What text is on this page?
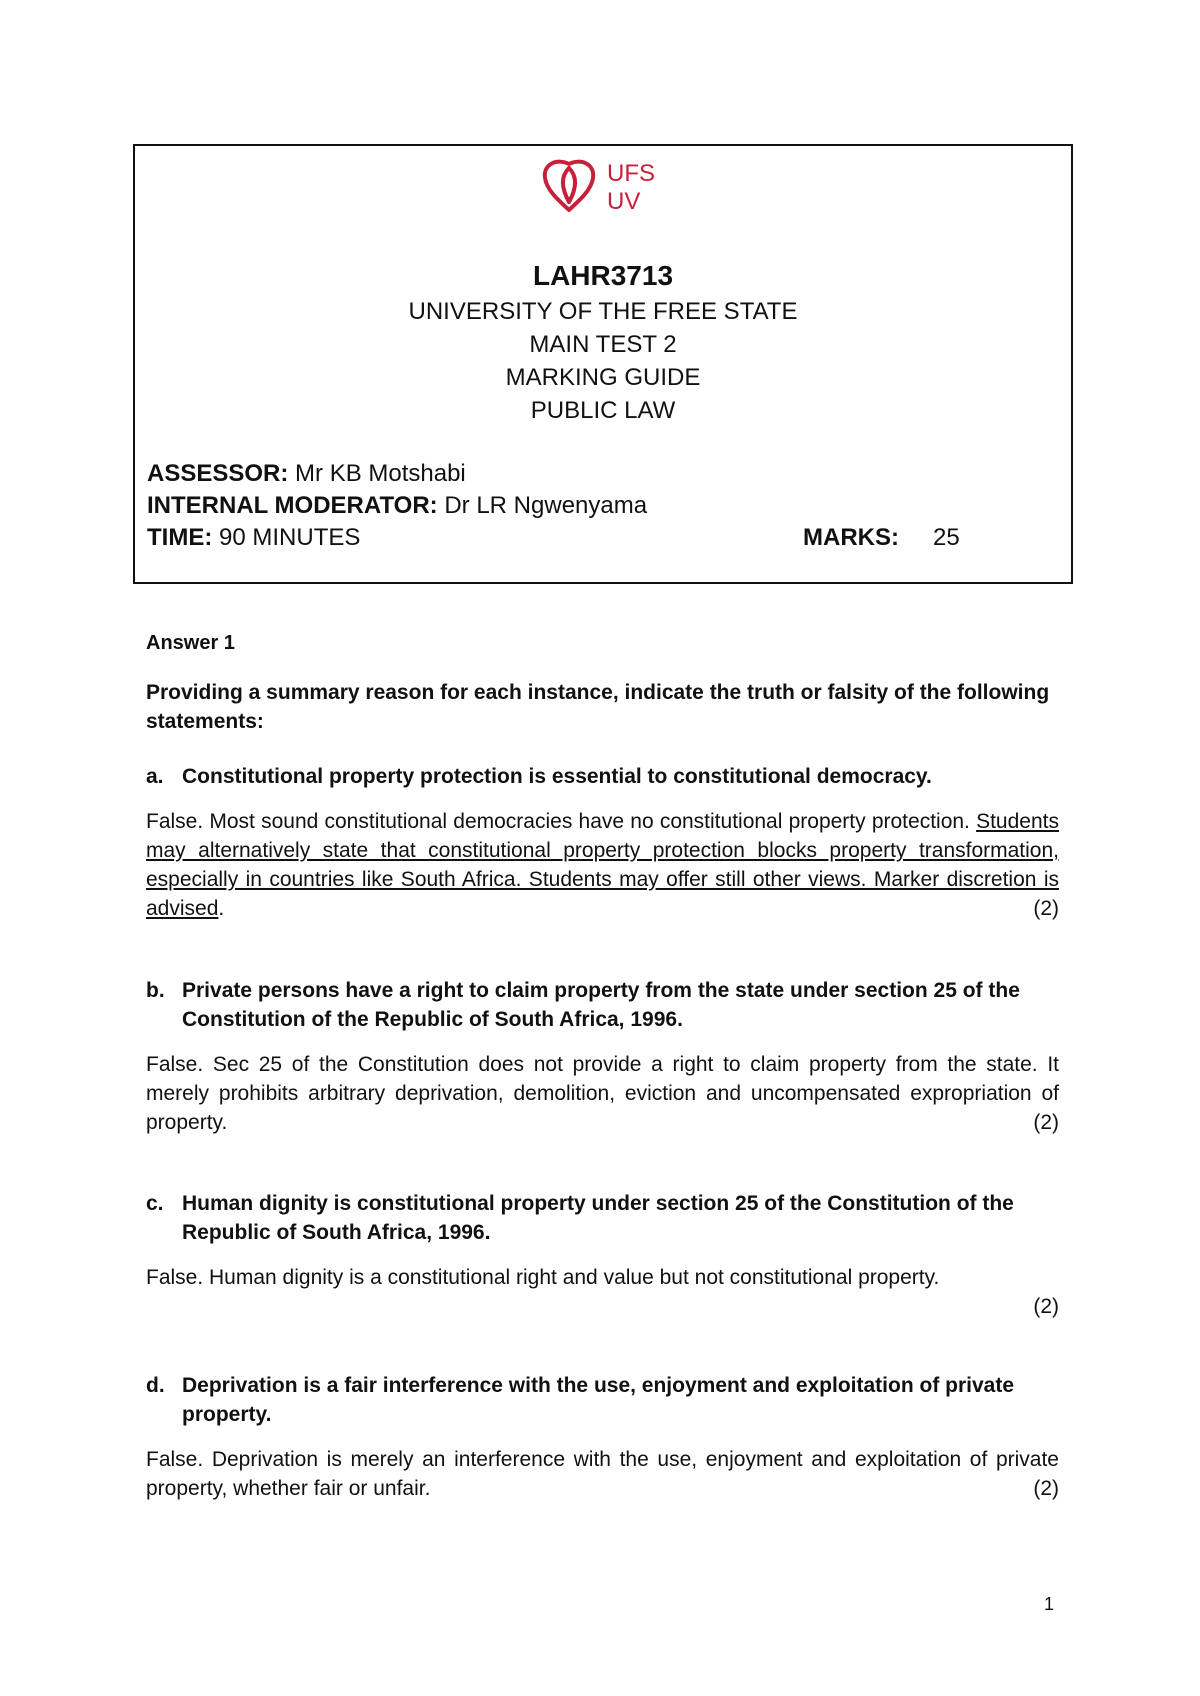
UFS
UV
LAHR3713
UNIVERSITY OF THE FREE STATE
MAIN TEST 2
MARKING GUIDE
PUBLIC LAW
ASSESSOR: Mr KB Motshabi
INTERNAL MODERATOR: Dr LR Ngwenyama
TIME: 90 MINUTES	MARKS: 25
Answer 1
Providing a summary reason for each instance, indicate the truth or falsity of the following statements:

a. Constitutional property protection is essential to constitutional democracy.

False. Most sound constitutional democracies have no constitutional property protection. Students may alternatively state that constitutional property protection blocks property transformation, especially in countries like South Africa. Students may offer still other views. Marker discretion is advised.	(2)

b. Private persons have a right to claim property from the state under section 25 of the Constitution of the Republic of South Africa, 1996.

False. Sec 25 of the Constitution does not provide a right to claim property from the state. It merely prohibits arbitrary deprivation, demolition, eviction and uncompensated expropriation of property.	(2)

c. Human dignity is constitutional property under section 25 of the Constitution of the Republic of South Africa, 1996.

False. Human dignity is a constitutional right and value but not constitutional property.

(2)

d. Deprivation is a fair interference with the use, enjoyment and exploitation of private property.

False. Deprivation is merely an interference with the use, enjoyment and exploitation of private property, whether fair or unfair.	(2)

1
